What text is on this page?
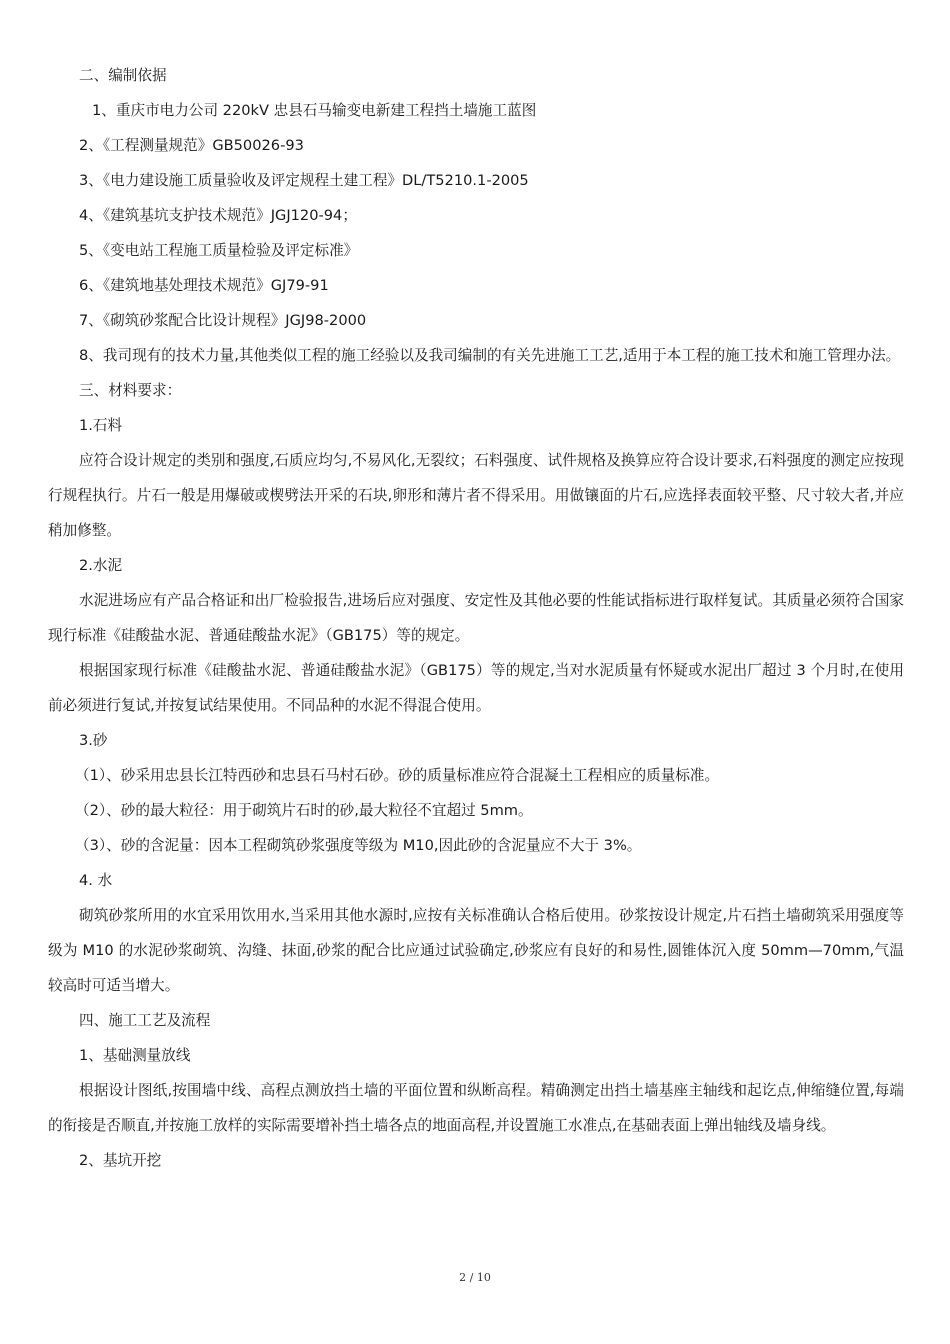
二、编制依据

1、重庆市电力公司 220kV 忠县石马输变电新建工程挡土墙施工蓝图

2、《工程测量规范》GB50026-93

3、《电力建设施工质量验收及评定规程土建工程》DL/T5210.1-2005

4、《建筑基坑支护技术规范》JGJ120-94；

5、《变电站工程施工质量检验及评定标准》

6、《建筑地基处理技术规范》GJ79-91

7、《砌筑砂浆配合比设计规程》JGJ98-2000

8、我司现有的技术力量,其他类似工程的施工经验以及我司编制的有关先进施工工艺,适用于本工程的施工技术和施工管理办法。

三、材料要求：

1.石料

应符合设计规定的类别和强度,石质应均匀,不易风化,无裂纹；石料强度、试件规格及换算应符合设计要求,石料强度的测定应按现行规程执行。片石一般是用爆破或楔劈法开采的石块,卵形和薄片者不得采用。用做镶面的片石,应选择表面较平整、尺寸较大者,并应稍加修整。

2.水泥

水泥进场应有产品合格证和出厂检验报告,进场后应对强度、安定性及其他必要的性能试指标进行取样复试。其质量必须符合国家现行标准《硅酸盐水泥、普通硅酸盐水泥》（GB175）等的规定。

根据国家现行标准《硅酸盐水泥、普通硅酸盐水泥》（GB175）等的规定,当对水泥质量有怀疑或水泥出厂超过 3 个月时,在使用前必须进行复试,并按复试结果使用。不同品种的水泥不得混合使用。

3.砂

（1）、砂采用忠县长江特西砂和忠县石马村石砂。砂的质量标准应符合混凝土工程相应的质量标准。

（2）、砂的最大粒径：用于砌筑片石时的砂,最大粒径不宜超过 5mm。

（3）、砂的含泥量：因本工程砌筑砂浆强度等级为 M10,因此砂的含泥量应不大于 3%。

4. 水

砌筑砂浆所用的水宜采用饮用水,当采用其他水源时,应按有关标准确认合格后使用。砂浆按设计规定,片石挡土墙砌筑采用强度等级为 M10 的水泥砂浆砌筑、沟缝、抹面,砂浆的配合比应通过试验确定,砂浆应有良好的和易性,圆锥体沉入度 50mm—70mm,气温较高时可适当增大。

四、施工工艺及流程

1、基础测量放线

根据设计图纸,按围墙中线、高程点测放挡土墙的平面位置和纵断高程。精确测定出挡土墙基座主轴线和起讫点,伸缩缝位置,每端的衔接是否顺直,并按施工放样的实际需要增补挡土墙各点的地面高程,并设置施工水准点,在基础表面上弹出轴线及墙身线。

2、基坑开挖

2 / 10
